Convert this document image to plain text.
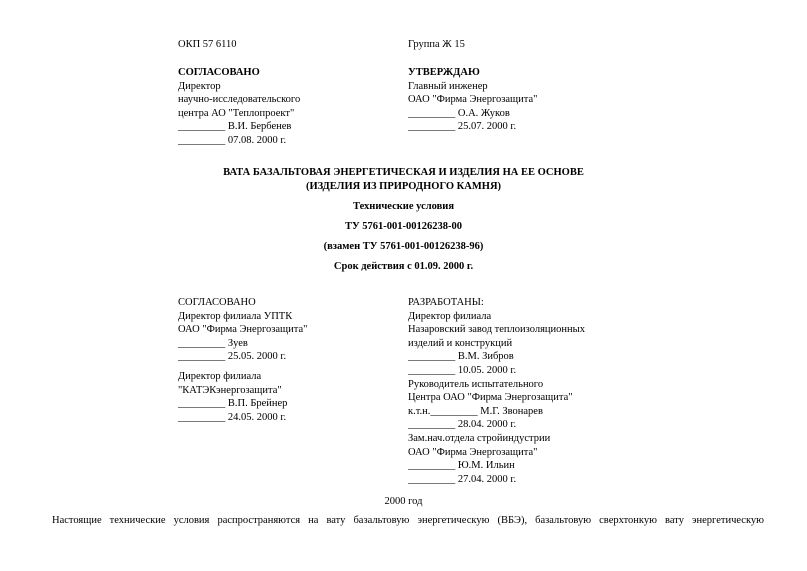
ОКП 57 6110	Группа Ж 15
СОГЛАСОВАНО
Директор
научно-исследовательского
центра АО "Теплопроект"
_________ В.И. Бербенев
_________ 07.08. 2000 г.
УТВЕРЖДАЮ
Главный инженер
ОАО "Фирма Энергозащита"
_________ О.А. Жуков
_________ 25.07. 2000 г.
ВАТА БАЗАЛЬТОВАЯ ЭНЕРГЕТИЧЕСКАЯ И ИЗДЕЛИЯ НА ЕЕ ОСНОВЕ
(ИЗДЕЛИЯ ИЗ ПРИРОДНОГО КАМНЯ)
Технические условия
ТУ 5761-001-00126238-00
(взамен ТУ 5761-001-00126238-96)
Срок действия с 01.09. 2000 г.
СОГЛАСОВАНО
Директор филиала УПТК
ОАО "Фирма Энергозащита"
_________ Зуев
_________ 25.05. 2000 г.
Директор филиала
"КАТЭКэнергозащита"
_________ В.П. Брейнер
_________ 24.05. 2000 г.
РАЗРАБОТАНЫ:
Директор филиала
Назаровский завод теплоизоляционных
изделий и конструкций
_________ В.М. Зибров
_________ 10.05. 2000 г.
Руководитель испытательного
Центра ОАО "Фирма Энергозащита"
к.т.н._________ М.Г. Звонарев
_________ 28.04. 2000 г.
Зам.нач.отдела стройиндустрии
ОАО "Фирма Энергозащита"
_________ Ю.М. Ильин
_________ 27.04. 2000 г.
2000 год
Настоящие технические условия распространяются на вату базальтовую энергетическую (ВБЭ), базальтовую сверхтонкую вату энергетическую
